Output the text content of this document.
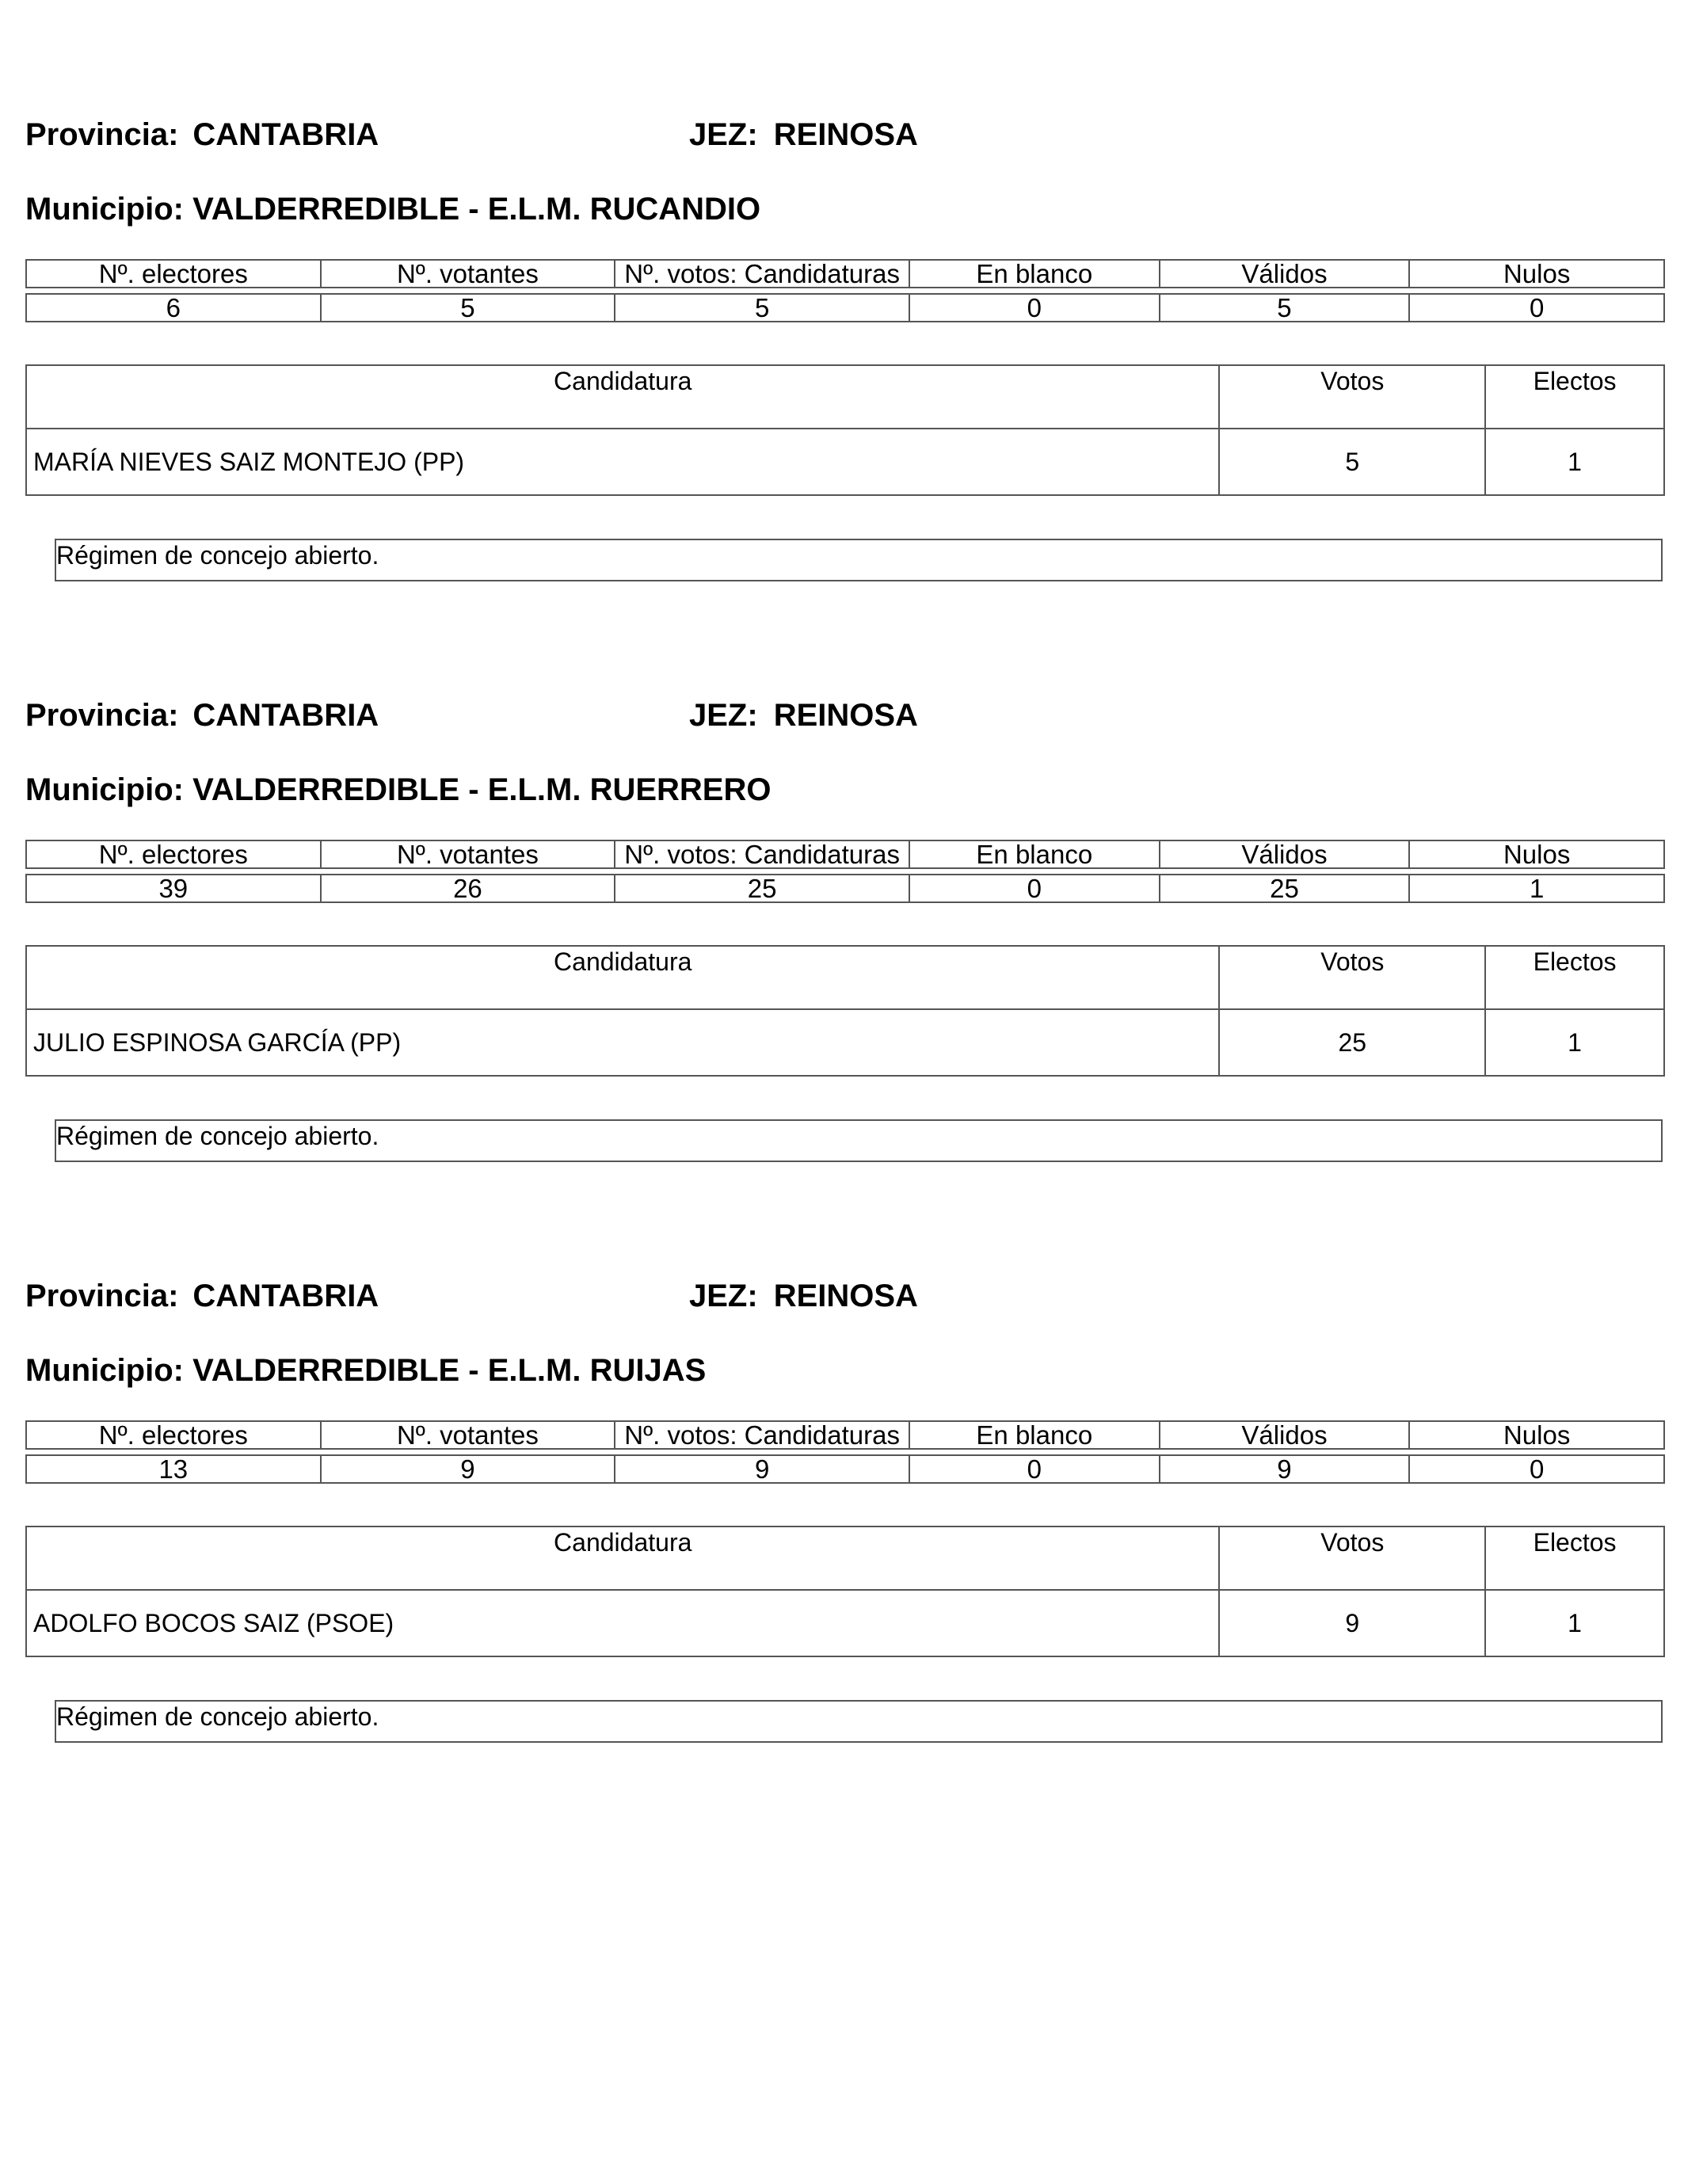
Provincia: CANTABRIA	JEZ: REINOSA
Municipio: VALDERREDIBLE - E.L.M. RUCANDIO
Nº. electores	Nº. votantes	Nº. votos: Candidaturas	En blanco	Válidos	Nulos

6	5	5	0	5	0
Candidatura	Votos	Electos
MARÍA NIEVES SAIZ MONTEJO (PP)	5	1
Régimen de concejo abierto.
Provincia: CANTABRIA	JEZ: REINOSA
Municipio: VALDERREDIBLE - E.L.M. RUERRERO
Nº. electores	Nº. votantes	Nº. votos: Candidaturas	En blanco	Válidos	Nulos

39	26	25	0	25	1
Candidatura	Votos	Electos
JULIO ESPINOSA GARCÍA (PP)	25	1
Régimen de concejo abierto.
Provincia: CANTABRIA	JEZ: REINOSA
Municipio: VALDERREDIBLE - E.L.M. RUIJAS
Nº. electores	Nº. votantes	Nº. votos: Candidaturas	En blanco	Válidos	Nulos

13	9	9	0	9	0
Candidatura	Votos	Electos
ADOLFO BOCOS SAIZ (PSOE)	9	1
Régimen de concejo abierto.
